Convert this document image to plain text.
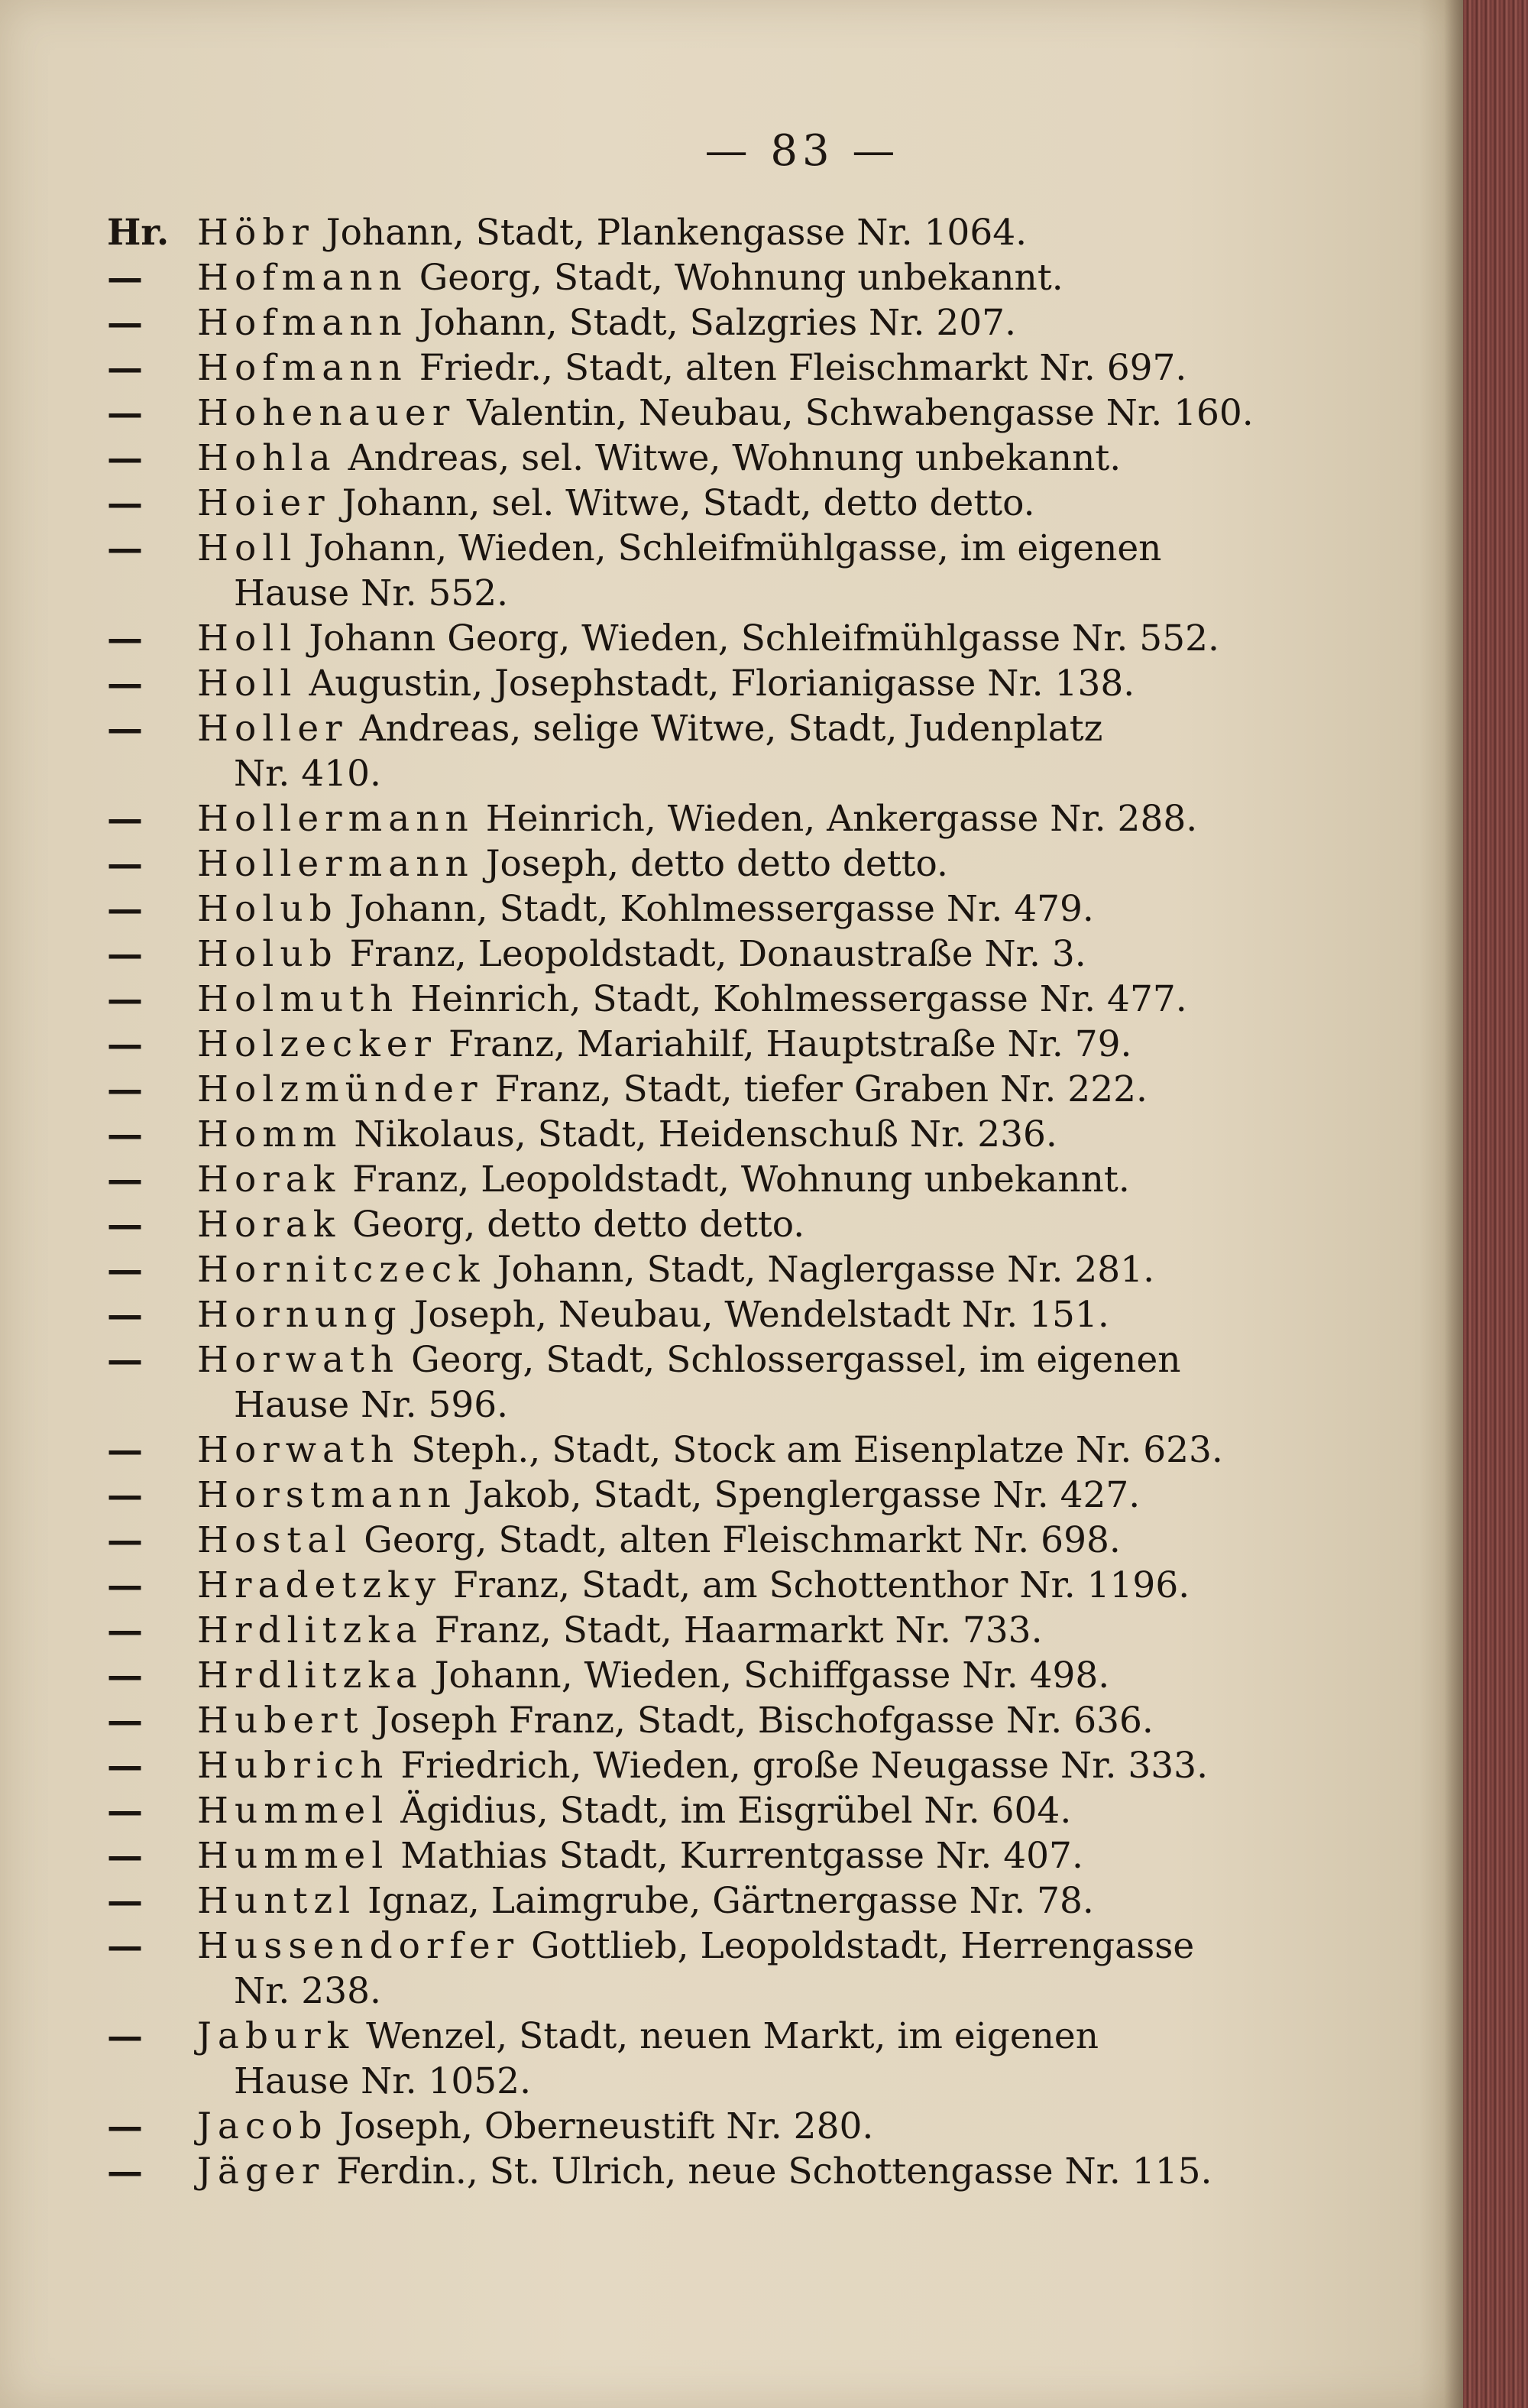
— 83 —
Hr. Höbr Johann, Stadt, Plankengasse Nr. 1064.
—	Hofmann Georg, Stadt, Wohnung unbekannt.
—	Hofmann Johann, Stadt, Salzgries Nr. 207.
—	Hofmann Friedr., Stadt, alten Fleischmarkt Nr. 697.
—	Hohenauer Valentin, Neubau, Schwabengasse Nr. 160.
—	Hohla Andreas, sel. Witwe, Wohnung unbekannt.
—	Hoier Johann, sel. Witwe, Stadt, detto detto.
—	Holl Johann, Wieden, Schleifmühlgasse, im eigenen
Hause Nr. 552.
—	Holl Johann Georg, Wieden, Schleifmühlgasse Nr. 552.
—	Holl Augustin, Josephstadt, Florianigasse Nr. 138.
—	Holler Andreas, selige Witwe, Stadt, Judenplatz
Nr. 410.
—	Hollermann Heinrich, Wieden, Ankergasse Nr. 288.
—	Hollermann Joseph, detto detto detto.
—	Holub Johann, Stadt, Kohlmessergasse Nr. 479.
—	Holub Franz, Leopoldstadt, Donaustraße Nr. 3.
—	Holmuth Heinrich, Stadt, Kohlmessergasse Nr. 477.
—	Holzecker Franz, Mariahilf, Hauptstraße Nr. 79.
—	Holzmünder Franz, Stadt, tiefer Graben Nr. 222.
—	Homm Nikolaus, Stadt, Heidenschuß Nr. 236.
—	Horak Franz, Leopoldstadt, Wohnung unbekannt.
—	Horak Georg, detto detto detto.
—	Hornitczeck Johann, Stadt, Naglergasse Nr. 281.
—	Hornung Joseph, Neubau, Wendelstadt Nr. 151.
—	Horwath Georg, Stadt, Schlossergassel, im eigenen
Hause Nr. 596.
—	Horwath Steph., Stadt, Stock am Eisenplatze Nr. 623.
—	Horstmann Jakob, Stadt, Spenglergasse Nr. 427.
—	Hostal Georg, Stadt, alten Fleischmarkt Nr. 698.
—	Hradetzky Franz, Stadt, am Schottenthor Nr. 1196.
—	Hrdlitzka Franz, Stadt, Haarmarkt Nr. 733.
—	Hrdlitzka Johann, Wieden, Schiffgasse Nr. 498.
—	Hubert Joseph Franz, Stadt, Bischofgasse Nr. 636.
—	Hubrich Friedrich, Wieden, große Neugasse Nr. 333.
—	Hummel Ägidius, Stadt, im Eisgrübel Nr. 604.
—	Hummel Mathias Stadt, Kurrentgasse Nr. 407.
—	Huntzl Ignaz, Laimgrube, Gärtnergasse Nr. 78.
—	Hussendorfer Gottlieb, Leopoldstadt, Herrengasse
Nr. 238.
—	Jaburk Wenzel, Stadt, neuen Markt, im eigenen
Hause Nr. 1052.
—	Jacob Joseph, Oberneustift Nr. 280.
—	Jäger Ferdin., St. Ulrich, neue Schottengasse Nr. 115.
